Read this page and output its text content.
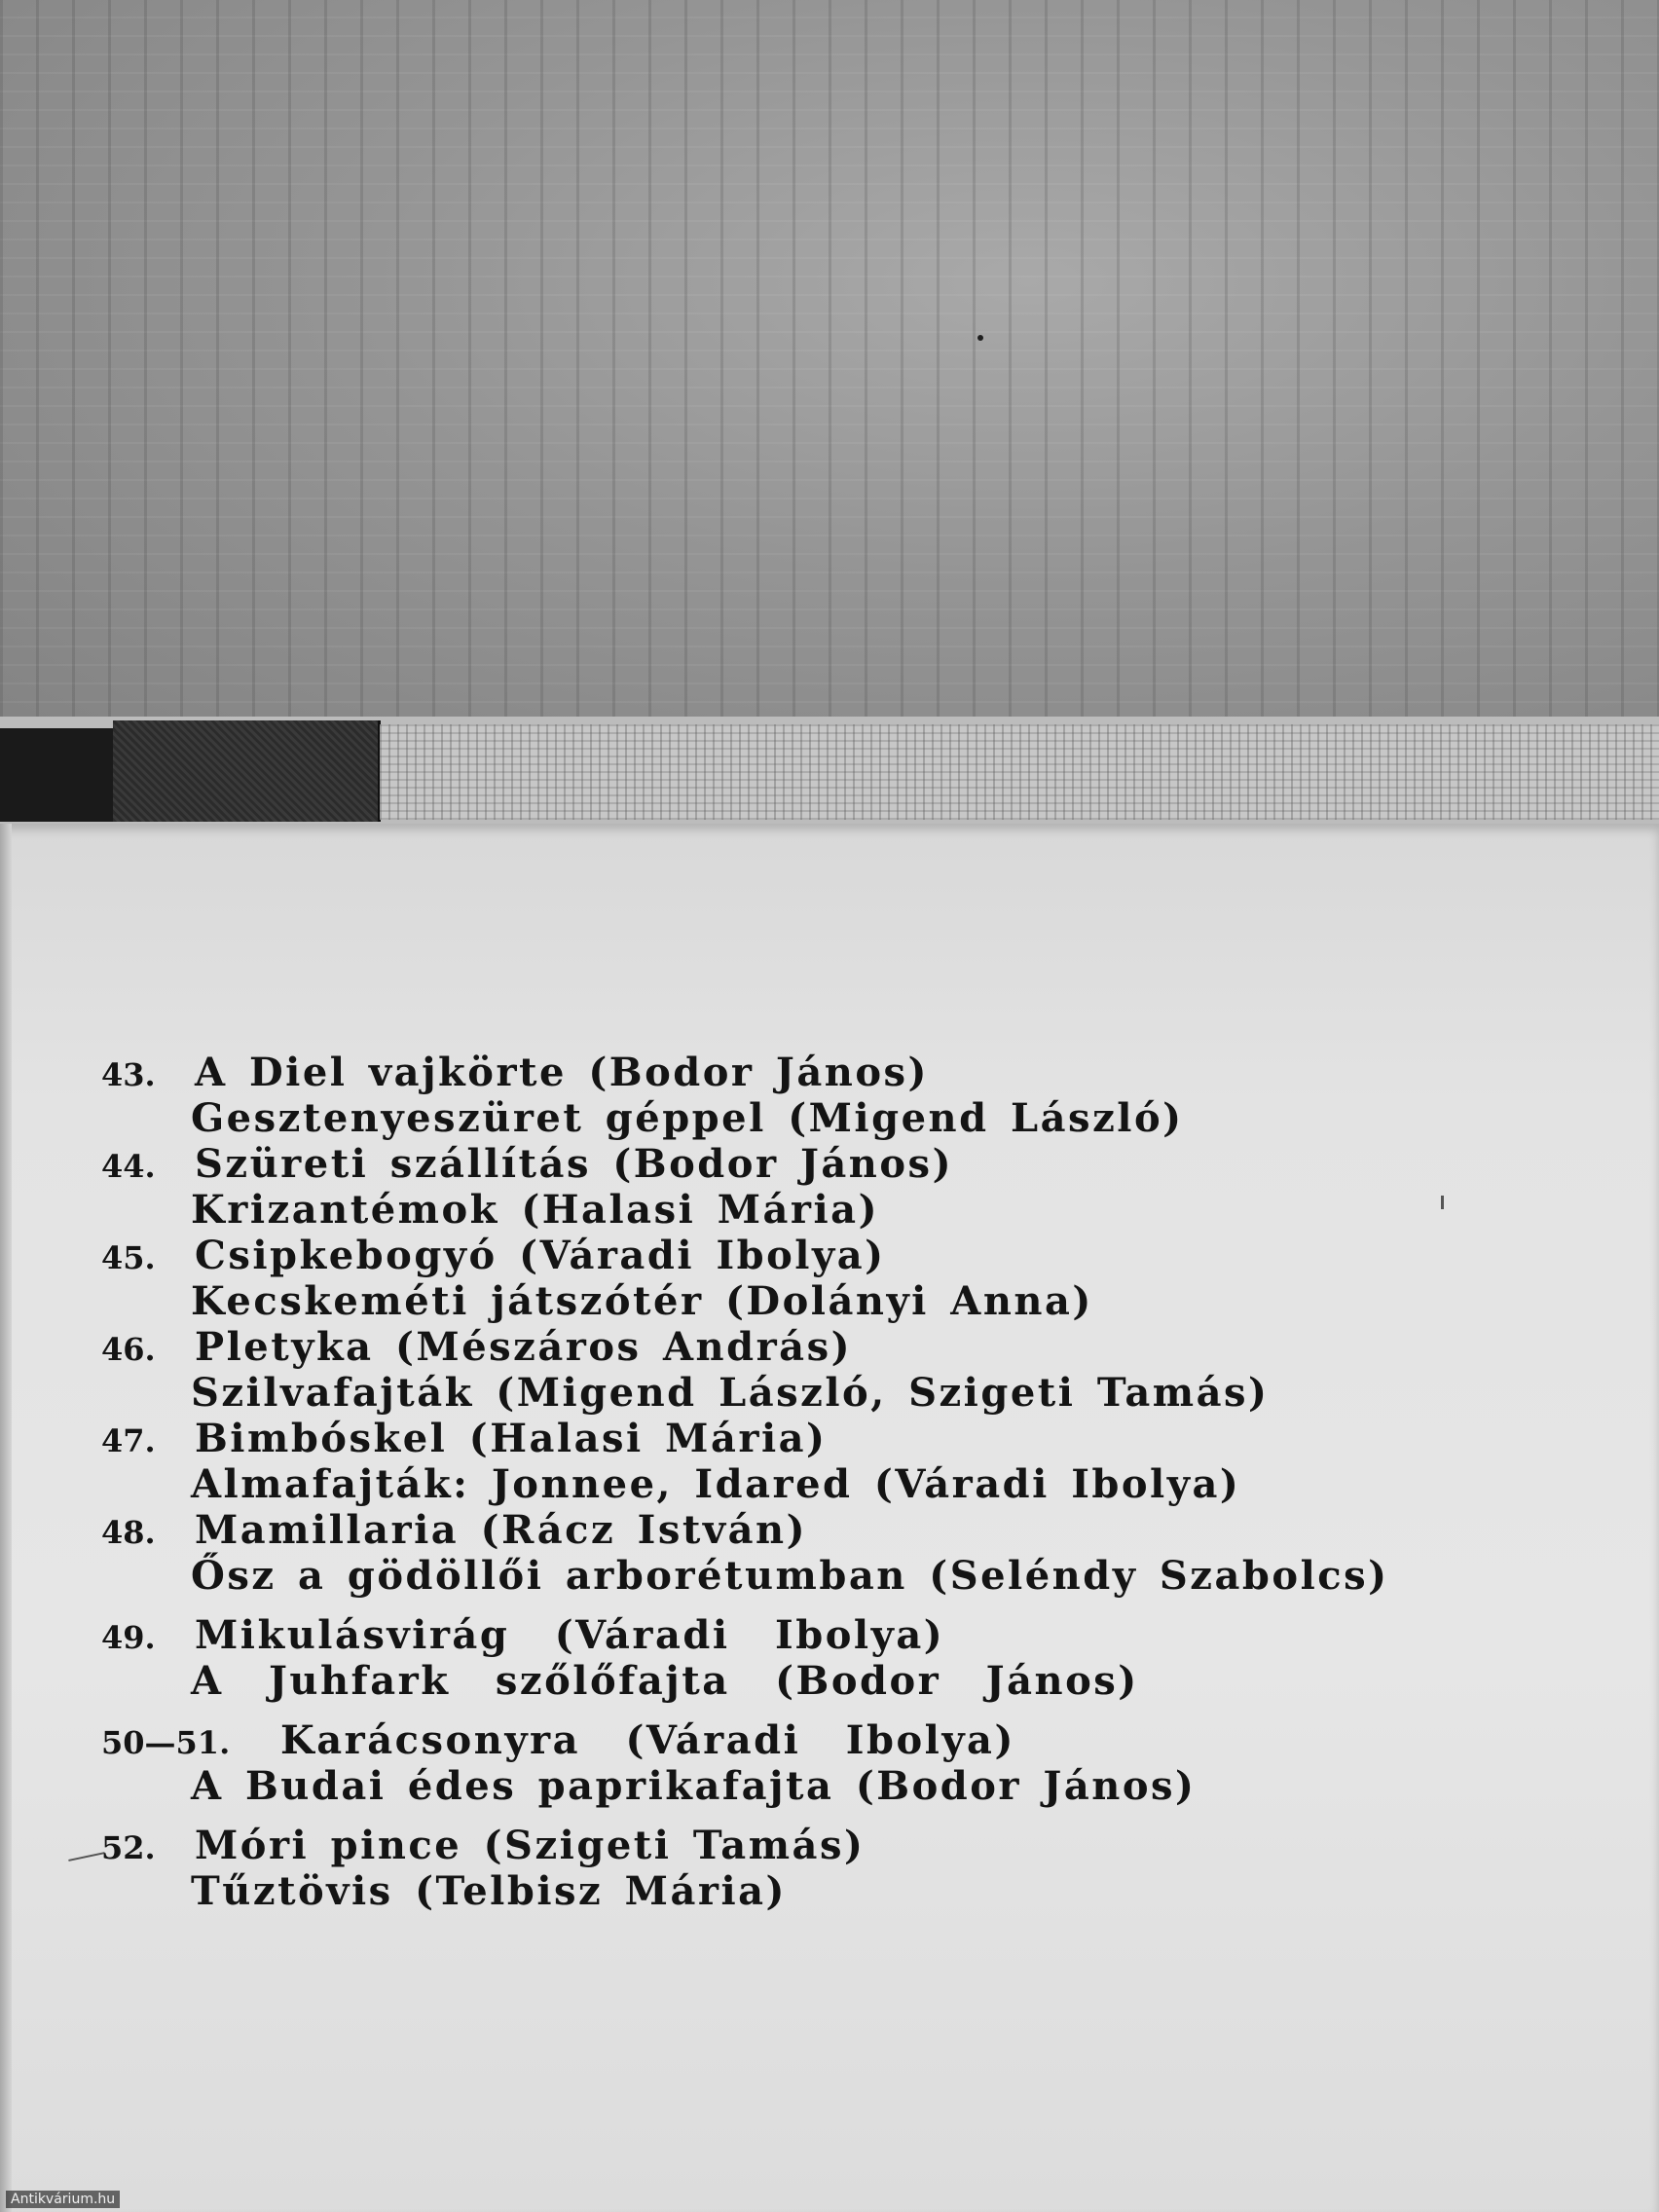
43. A Diel vajkörte (Bodor János)
Gesztenyeszüret géppel (Migend László)
44. Szüreti szállítás (Bodor János)
Krizantémok (Halasi Mária)
45. Csipkebogyó (Váradi Ibolya)
Kecskeméti játszótér (Dolányi Anna)
46. Pletyka (Mészáros András)
Szilvafajták (Migend László, Szigeti Tamás)
47. Bimbóskel (Halasi Mária)
Almafajták: Jonnee, Idared (Váradi Ibolya)
48. Mamillaria (Rácz István)
Ősz a gödöllői arborétumban (Seléndy Szabolcs)
49. Mikulásvirág (Váradi Ibolya)
A Juhfark szőlőfajta (Bodor János)
50—51. Karácsonyra (Váradi Ibolya)
A Budai édes paprikafajta (Bodor János)
52. Móri pince (Szigeti Tamás)
Tűztövis (Telbisz Mária)
Antikvárium.hu
